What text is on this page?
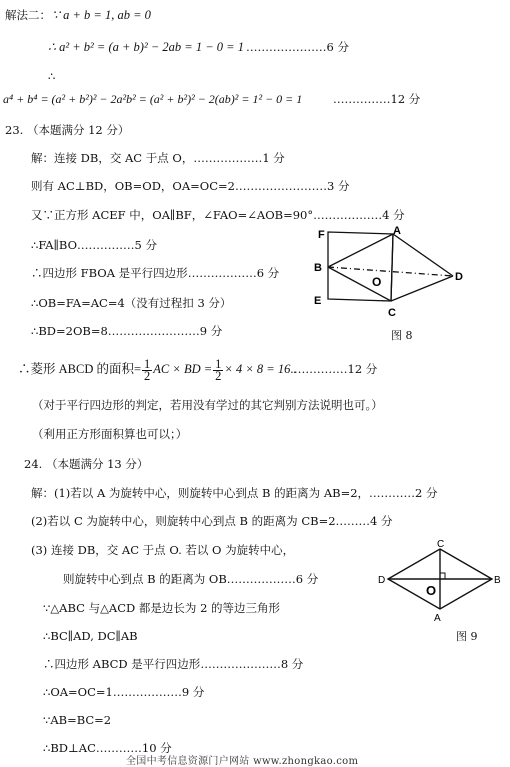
解法二： ∵ a + b = 1, ab = 0
∴ a² + b² = (a + b)² − 2ab = 1 − 0 = 1 …………………6 分
∴
a⁴ + b⁴ = (a² + b²)² − 2a²b² = (a² + b²)² − 2(ab)² = 1² − 0 = 1	……………12 分
23. （本题满分 12 分）
解：连接 DB，交 AC 于点 O，………………1 分
则有 AC⊥BD，OB=OD，OA=OC=2……………………3 分
又∵正方形 ACEF 中，OA∥BF，∠FAO=∠AOB=90°………………4 分
∴FA∥BO……………5 分
∴四边形 FBOA 是平行四边形………………6 分
∴OB=FA=AC=4（没有过程扣 3 分）
∴BD=2OB=8……………………9 分
F	A
B
O	D
E
C
图 8
∴菱形 ABCD 的面积= $\frac{1}{2}$ AC × BD = $\frac{1}{2} \times 4 \times 8 = 16$ .
……………12 分
（对于平行四边形的判定，若用没有学过的其它判别方法说明也可。）
（利用正方形面积算也可以；）
24. （本题满分 13 分）
解：(1)若以 A 为旋转中心，则旋转中心到点 B 的距离为 AB=2，…………2 分
(2)若以 C 为旋转中心，则旋转中心到点 B 的距离为 CB=2………4 分
(3) 连接 DB，交 AC 于点 O. 若以 O 为旋转中心，
则旋转中心到点 B 的距离为 OB………………6 分
∵△ABC 与△ACD 都是边长为 2 的等边三角形
∴BC∥AD, DC∥AB
∴四边形 ABCD 是平行四边形…………………8 分
∴OA=OC=1………………9 分
∵AB=BC=2
∴BD⊥AC…………10 分
C
D
O
B
A
图 9
全国中考信息资源门户网站 www.zhongkao.com
